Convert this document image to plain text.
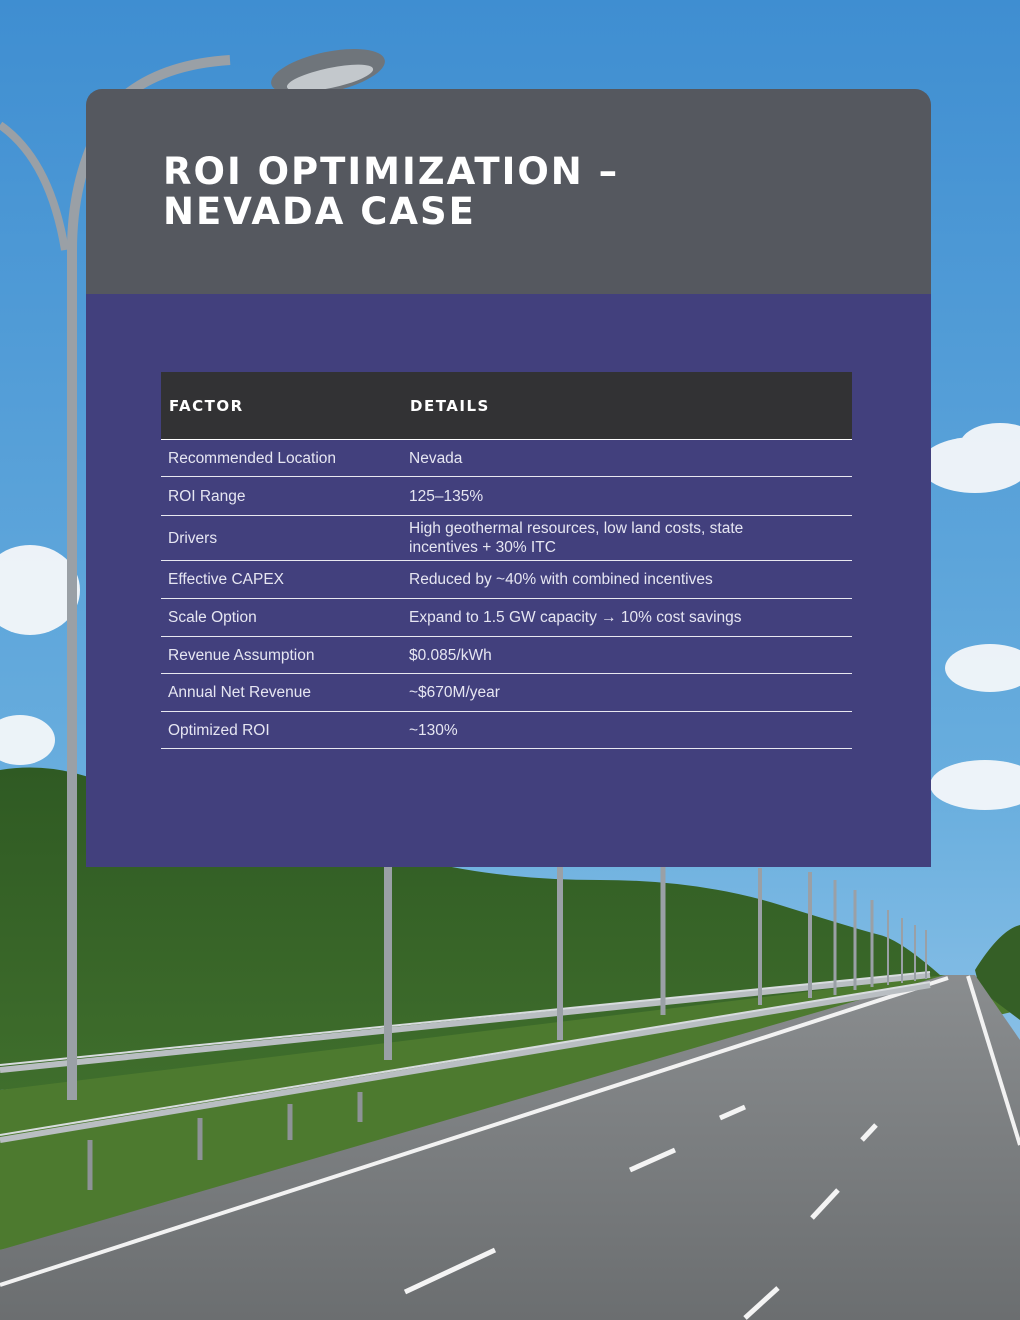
ROI OPTIMIZATION – NEVADA CASE
FACTOR	DETAILS
Recommended Location	Nevada
ROI Range	125–135%
Drivers	High geothermal resources, low land costs, state incentives + 30% ITC
Effective CAPEX	Reduced by ~40% with combined incentives
Scale Option	Expand to 1.5 GW capacity → 10% cost savings
Revenue Assumption	$0.085/kWh
Annual Net Revenue	~$670M/year
Optimized ROI	~130%
